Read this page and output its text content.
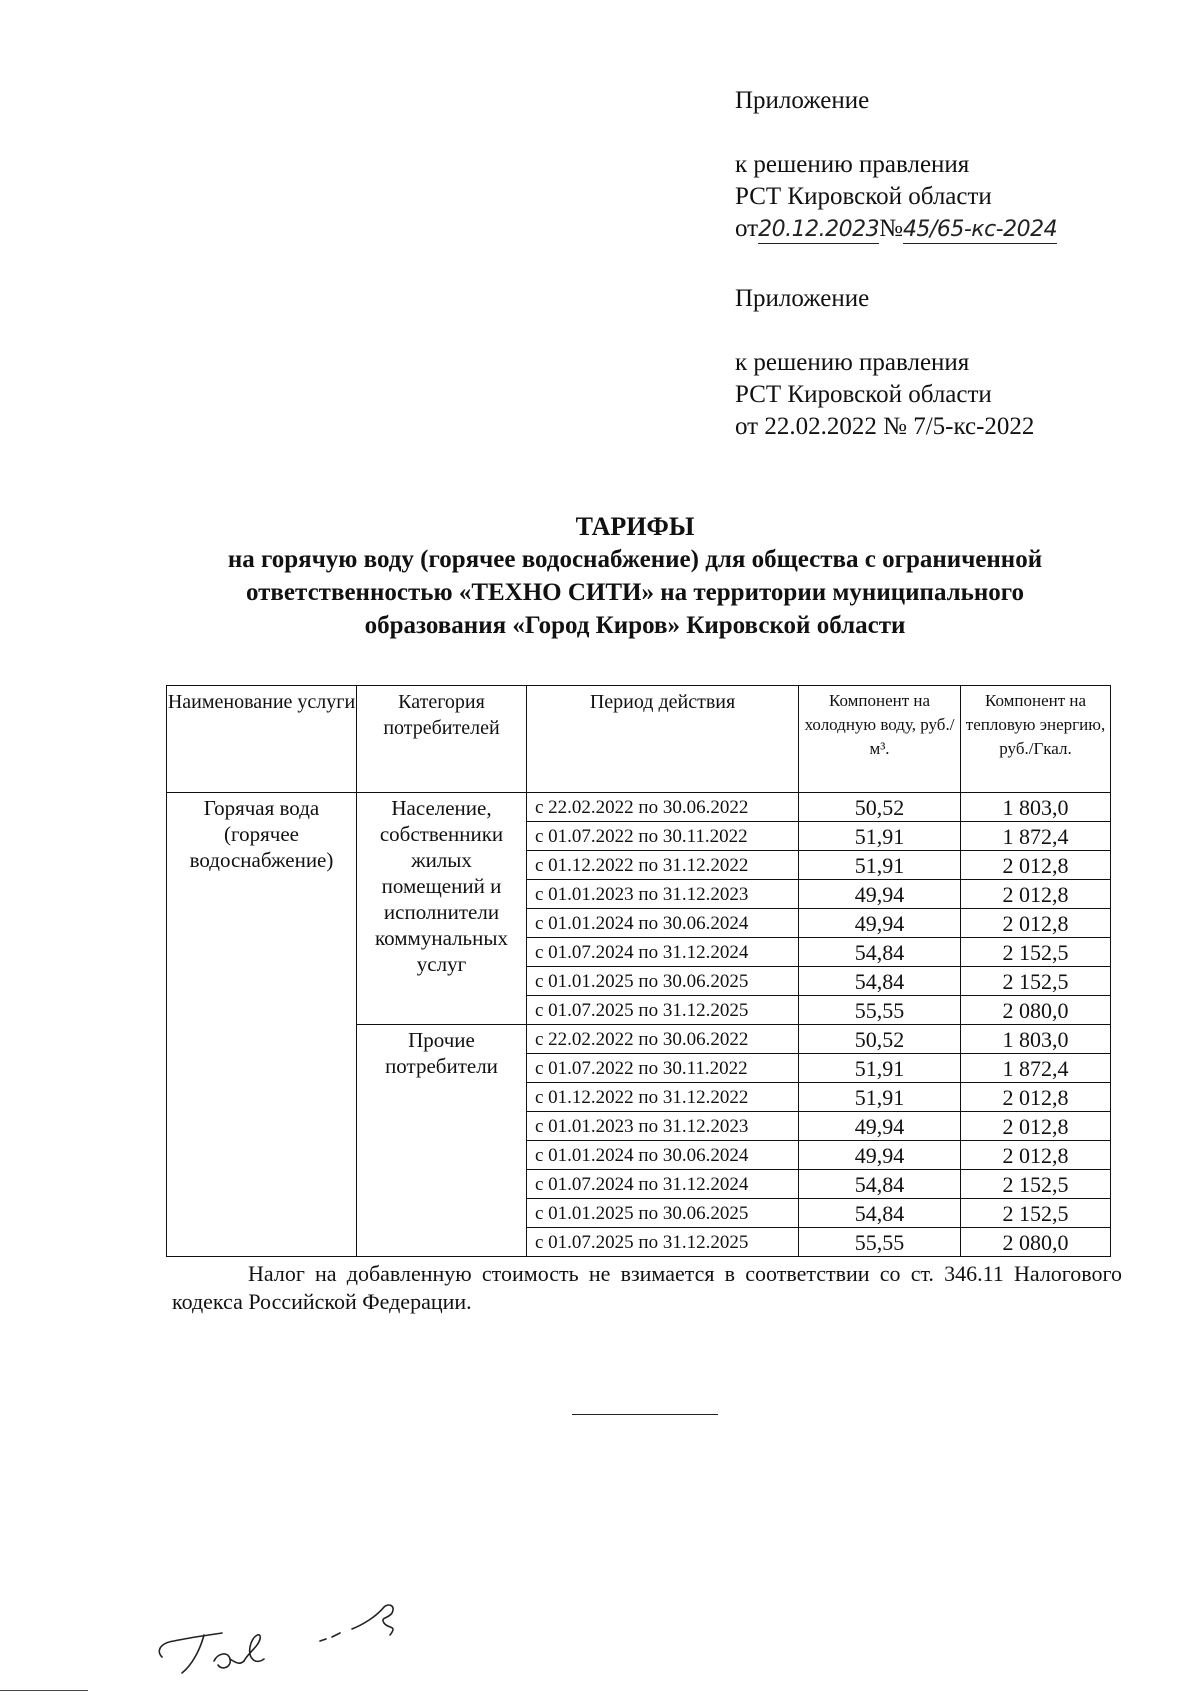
Приложение
к решению правления
РСТ Кировской области
от20.12.2023№45/65-кс-2024
Приложение
к решению правления
РСТ Кировской области
от 22.02.2022 № 7/5-кс-2022
ТАРИФЫ
на горячую воду (горячее водоснабжение) для общества с ограниченной
ответственностью «ТЕХНО СИТИ» на территории муниципального
образования «Город Киров» Кировской области
Наименование услуги	Категория потребителей	Период действия	Компонент на холодную воду, руб./м³.	Компонент на тепловую энергию, руб./Гкал.
Горячая вода (горячее водоснабжение)	Население, собственники жилых помещений и исполнители коммунальных услуг	с 22.02.2022 по 30.06.2022	50,52	1 803,0
		с 01.07.2022 по 30.11.2022	51,91	1 872,4
		с 01.12.2022 по 31.12.2022	51,91	2 012,8
		с 01.01.2023 по 31.12.2023	49,94	2 012,8
		с 01.01.2024 по 30.06.2024	49,94	2 012,8
		с 01.07.2024 по 31.12.2024	54,84	2 152,5
		с 01.01.2025 по 30.06.2025	54,84	2 152,5
		с 01.07.2025 по 31.12.2025	55,55	2 080,0
	Прочие потребители	с 22.02.2022 по 30.06.2022	50,52	1 803,0
		с 01.07.2022 по 30.11.2022	51,91	1 872,4
		с 01.12.2022 по 31.12.2022	51,91	2 012,8
		с 01.01.2023 по 31.12.2023	49,94	2 012,8
		с 01.01.2024 по 30.06.2024	49,94	2 012,8
		с 01.07.2024 по 31.12.2024	54,84	2 152,5
		с 01.01.2025 по 30.06.2025	54,84	2 152,5
		с 01.07.2025 по 31.12.2025	55,55	2 080,0
Налог на добавленную стоимость не взимается в соответствии со ст. 346.11 Налогового кодекса Российской Федерации.
